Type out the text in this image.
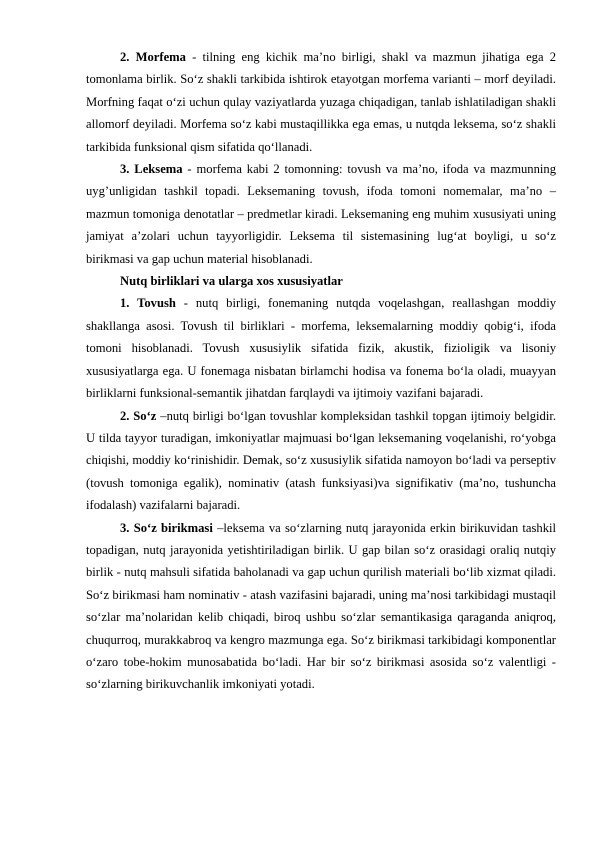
2. Morfema - tilning eng kichik ma’no birligi, shakl va mazmun jihatiga ega 2 tomonlama birlik. So‘z shakli tarkibida ishtirok etayotgan morfema varianti – morf deyiladi. Morfning faqat o‘zi uchun qulay vaziyatlarda yuzaga chiqadigan, tanlab ishlatiladigan shakli allomorf deyiladi. Morfema so‘z kabi mustaqillikka ega emas, u nutqda leksema, so‘z shakli tarkibida funksional qism sifatida qo‘llanadi.

3. Leksema - morfema kabi 2 tomonning: tovush va ma’no, ifoda va mazmunning uyg’unligidan tashkil topadi. Leksemaning tovush, ifoda tomoni nomemalar, ma’no –mazmun tomoniga denotatlar – predmetlar kiradi. Leksemaning eng muhim xususiyati uning jamiyat a’zolari uchun tayyorligidir. Leksema til sistemasining lug‘at boyligi, u so‘z birikmasi va gap uchun material hisoblanadi.

Nutq birliklari va ularga xos xususiyatlar

1. Tovush - nutq birligi, fonemaning nutqda voqelashgan, reallashgan moddiy shakllanga asosi. Tovush til birliklari - morfema, leksemalarning moddiy qobig‘i, ifoda tomoni hisoblanadi. Tovush xususiylik sifatida fizik, akustik, fizioligik va lisoniy xususiyatlarga ega. U fonemaga nisbatan birlamchi hodisa va fonema bo‘la oladi, muayyan birliklarni funksional-semantik jihatdan farqlaydi va ijtimoiy vazifani bajaradi.

2. So‘z –nutq birligi bo‘lgan tovushlar kompleksidan tashkil topgan ijtimoiy belgidir. U tilda tayyor turadigan, imkoniyatlar majmuasi bo‘lgan leksemaning voqelanishi, ro‘yobga chiqishi, moddiy ko‘rinishidir. Demak, so‘z xususiylik sifatida namoyon bo‘ladi va perseptiv (tovush tomoniga egalik), nominativ (atash funksiyasi)va signifikativ (ma’no, tushuncha ifodalash) vazifalarni bajaradi.

3. So‘z birikmasi –leksema va so‘zlarning nutq jarayonida erkin birikuvidan tashkil topadigan, nutq jarayonida yetishtiriladigan birlik. U gap bilan so‘z orasidagi oraliq nutqiy birlik - nutq mahsuli sifatida baholanadi va gap uchun qurilish materiali bo‘lib xizmat qiladi. So‘z birikmasi ham nominativ - atash vazifasini bajaradi, uning ma’nosi tarkibidagi mustaqil so‘zlar ma’nolaridan kelib chiqadi, biroq ushbu so‘zlar semantikasiga qaraganda aniqroq, chuqurroq, murakkabroq va kengro mazmunga ega. So‘z birikmasi tarkibidagi komponentlar o‘zaro tobe-hokim munosabatida bo‘ladi. Har bir so‘z birikmasi asosida so‘z valentligi - so‘zlarning birikuvchanlik imkoniyati yotadi.
